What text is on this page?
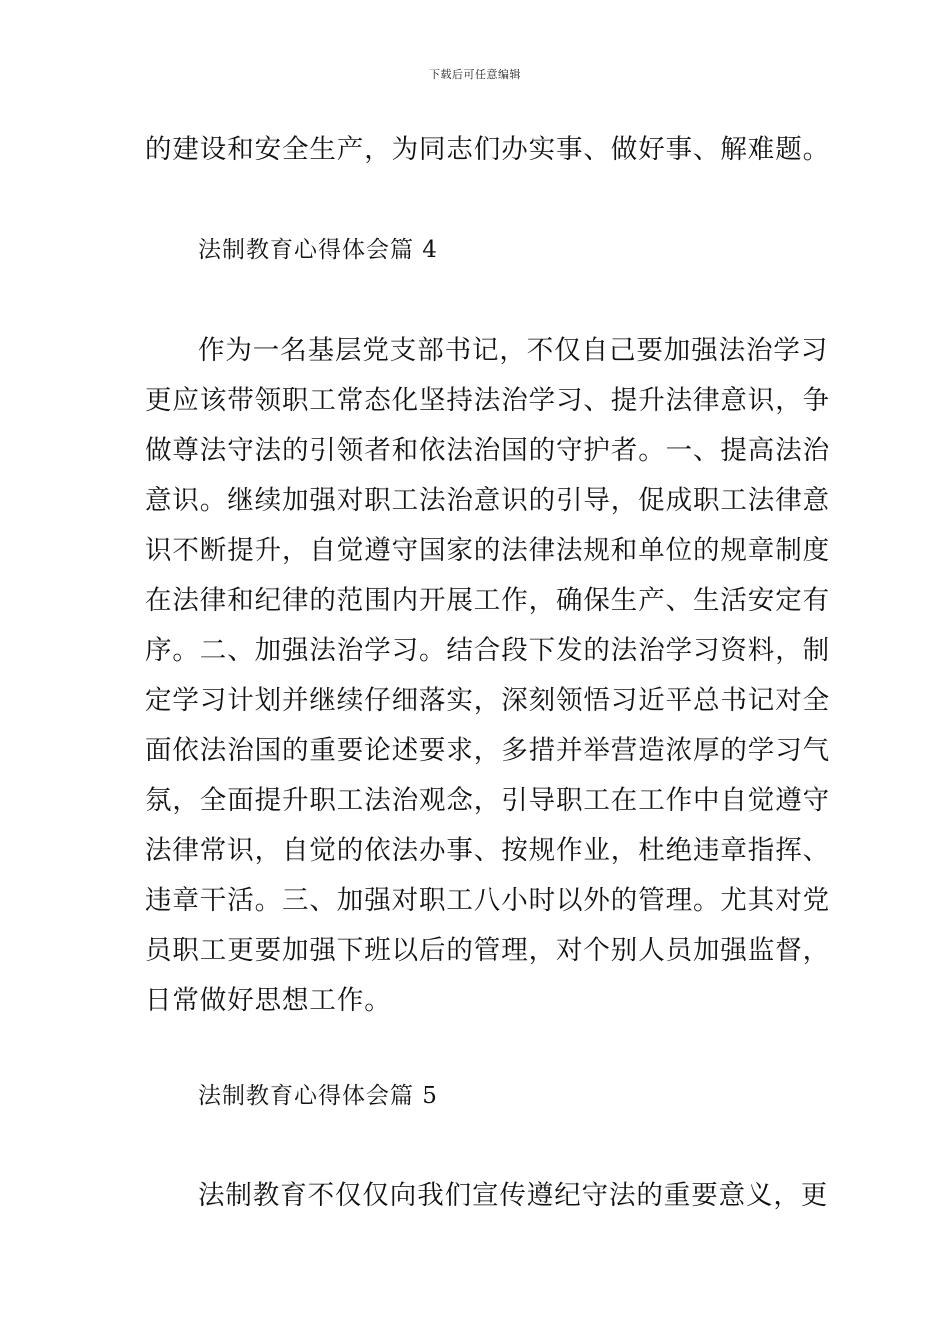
下载后可任意编辑
的建设和安全生产，为同志们办实事、做好事、解难题。
法制教育心得体会篇 4
作为一名基层党支部书记，不仅自己要加强法治学习
更应该带领职工常态化坚持法治学习、提升法律意识，争
做尊法守法的引领者和依法治国的守护者。一、提高法治
意识。继续加强对职工法治意识的引导，促成职工法律意
识不断提升，自觉遵守国家的法律法规和单位的规章制度
在法律和纪律的范围内开展工作，确保生产、生活安定有
序。二、加强法治学习。结合段下发的法治学习资料，制
定学习计划并继续仔细落实，深刻领悟习近平总书记对全
面依法治国的重要论述要求，多措并举营造浓厚的学习气
氛，全面提升职工法治观念，引导职工在工作中自觉遵守
法律常识，自觉的依法办事、按规作业，杜绝违章指挥、
违章干活。三、加强对职工八小时以外的管理。尤其对党
员职工更要加强下班以后的管理，对个别人员加强监督，
日常做好思想工作。
法制教育心得体会篇 5
法制教育不仅仅向我们宣传遵纪守法的重要意义，更
